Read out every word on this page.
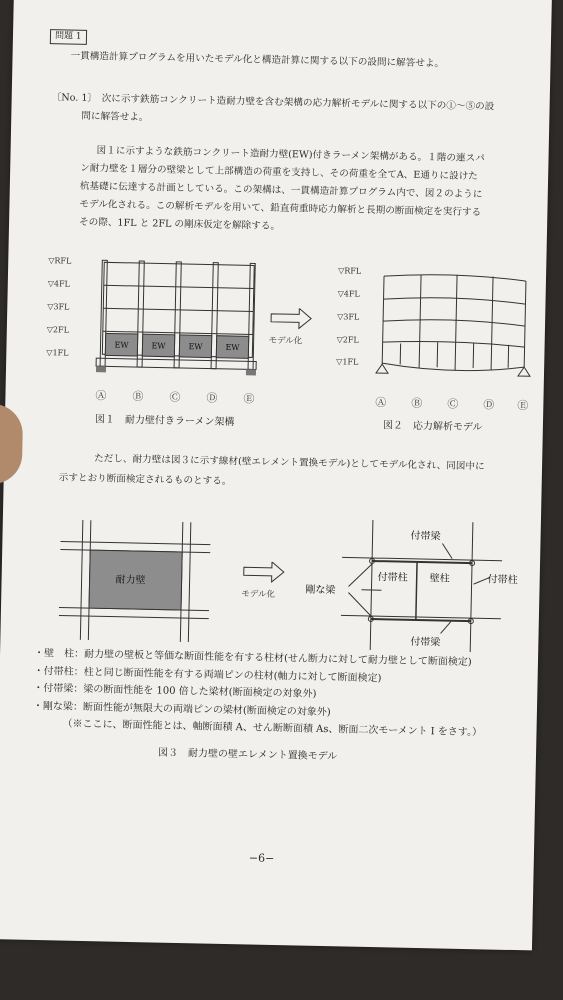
問題 1
一貫構造計算プログラムを用いたモデル化と構造計算に関する以下の設問に解答せよ。
〔No. 1〕 次に示す鉄筋コンクリート造耐力壁を含む架構の応力解析モデルに関する以下の①〜⑤の設
問に解答せよ。
図１に示すような鉄筋コンクリート造耐力壁(EW)付きラーメン架構がある。１階の連スパ
ン耐力壁を１層分の壁梁として上部構造の荷重を支持し、その荷重を全てA、E通りに設けた
杭基礎に伝達する計画としている。この架構は、一貫構造計算プログラム内で、図２のように
モデル化される。この解析モデルを用いて、鉛直荷重時応力解析と長期の断面検定を実行する
その際、1FL と 2FL の剛床仮定を解除する。
▽RFL
▽4FL
▽3FL
▽2FL
▽1FL
EW	EW	EW	EW
Ⓐ Ⓑ Ⓒ Ⓓ Ⓔ
モデル化
▽RFL
▽4FL
▽3FL
▽2FL
▽1FL
Ⓐ Ⓑ Ⓒ Ⓓ Ⓔ
図１　耐力壁付きラーメン架構	図２　応力解析モデル
ただし、耐力壁は図３に示す線材(壁エレメント置換モデル)としてモデル化され、同図中に
示すとおり断面検定されるものとする。
耐力壁
モデル化
付帯梁
付帯柱 壁柱	付帯柱
剛な梁
付帯梁
・壁　柱：耐力壁の壁板と等価な断面性能を有する柱材(せん断力に対して耐力壁として断面検定)
・付帯柱：柱と同じ断面性能を有する両端ピンの柱材(軸力に対して断面検定)
・付帯梁：梁の断面性能を 100 倍した梁材(断面検定の対象外)
・剛な梁：断面性能が無限大の両端ピンの梁材(断面検定の対象外)
（※ここに、断面性能とは、軸断面積 A、せん断断面積 As、断面二次モーメント I をさす。）
図３　耐力壁の壁エレメント置換モデル
−6−
